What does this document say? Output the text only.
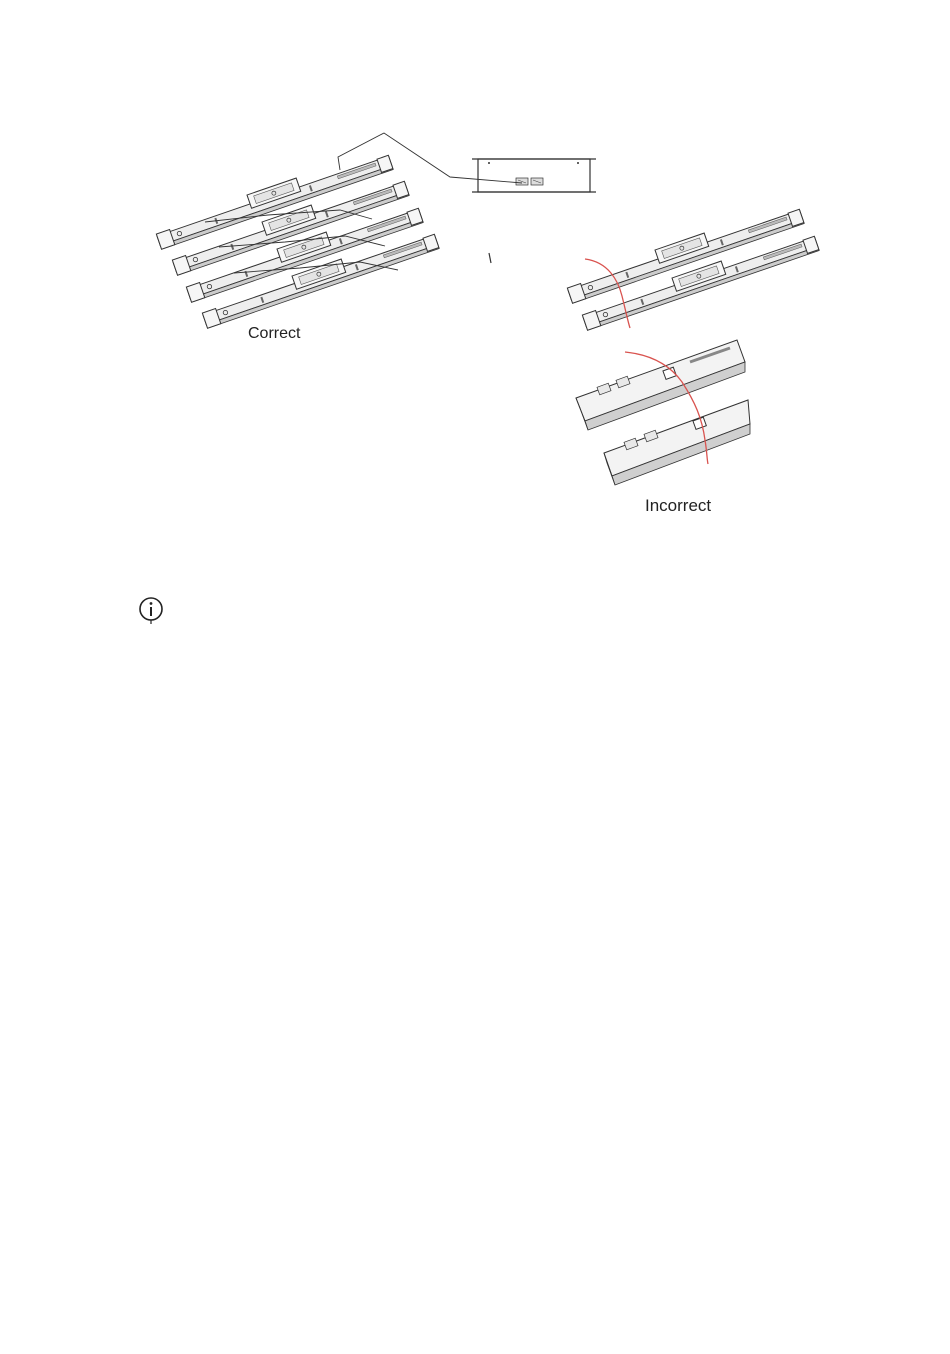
Correct
Incorrect
